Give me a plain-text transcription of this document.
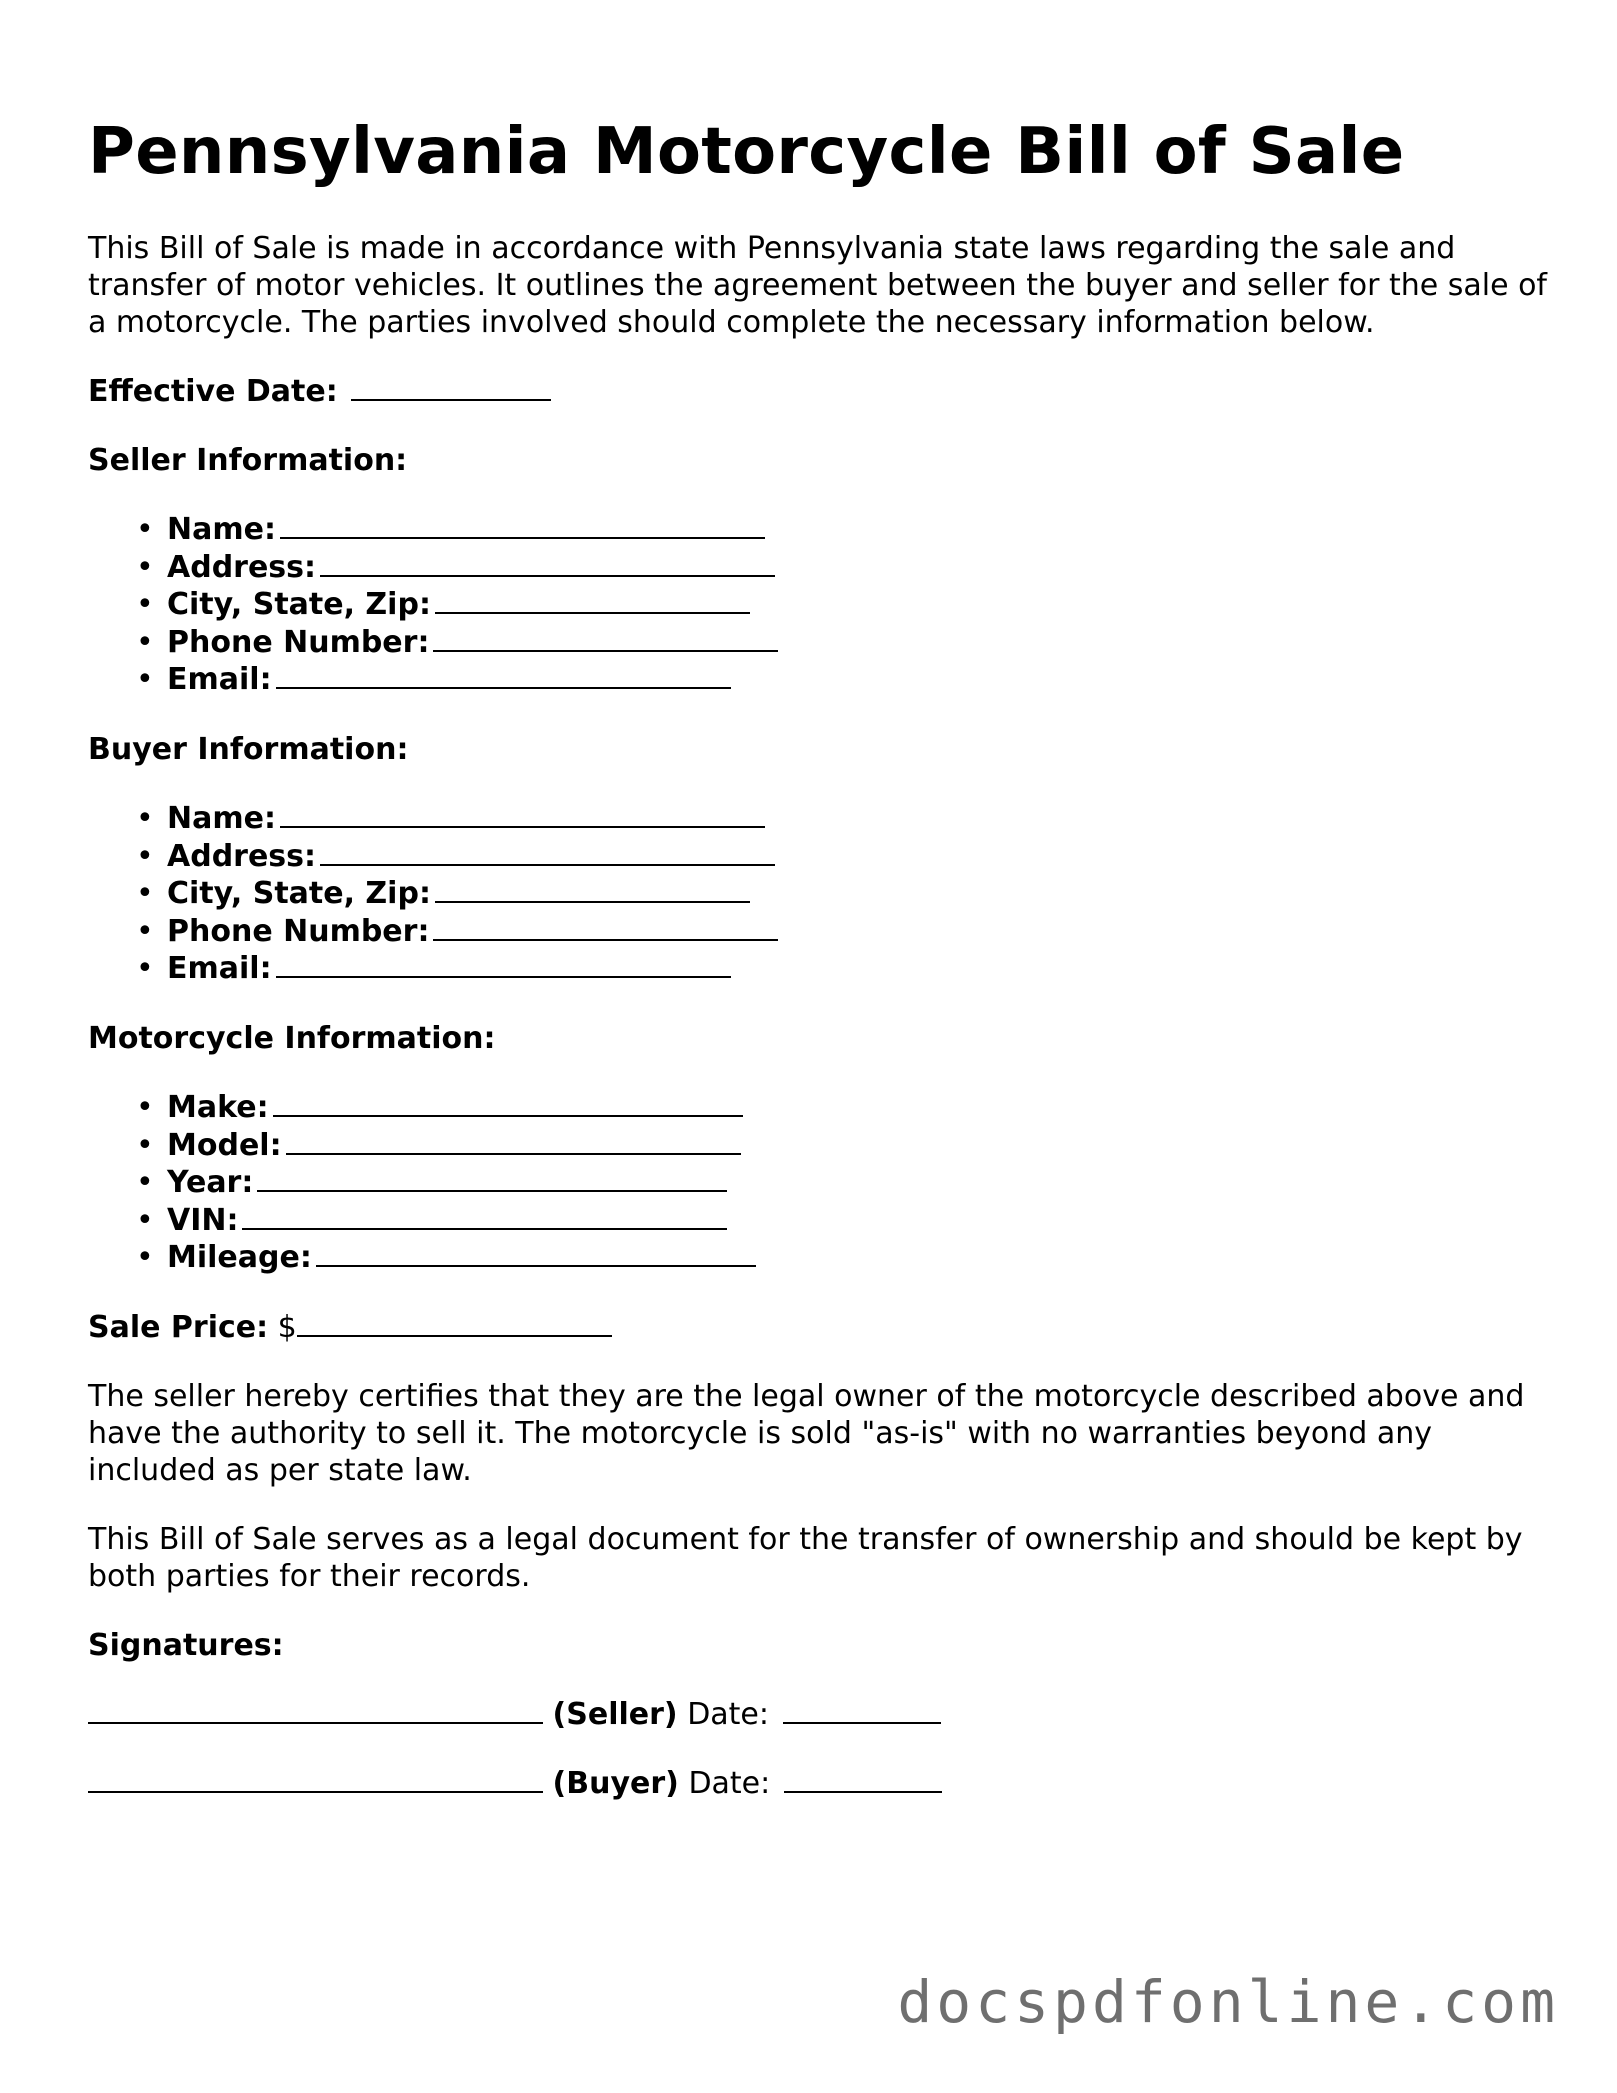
Pennsylvania Motorcycle Bill of Sale

This Bill of Sale is made in accordance with Pennsylvania state laws regarding the sale and transfer of motor vehicles. It outlines the agreement between the buyer and seller for the sale of a motorcycle. The parties involved should complete the necessary information below.

Effective Date:
Seller Information:
• Name:
• Address:
• City, State, Zip:
• Phone Number:
• Email:
Buyer Information:
• Name:
• Address:
• City, State, Zip:
• Phone Number:
• Email:
Motorcycle Information:
• Make:
• Model:
• Year:
• VIN:
• Mileage:
Sale Price: $

The seller hereby certifies that they are the legal owner of the motorcycle described above and have the authority to sell it. The motorcycle is sold "as-is" with no warranties beyond any included as per state law.

This Bill of Sale serves as a legal document for the transfer of ownership and should be kept by both parties for their records.

Signatures:
(Seller) Date:
(Buyer) Date:
docspdfonline.com
